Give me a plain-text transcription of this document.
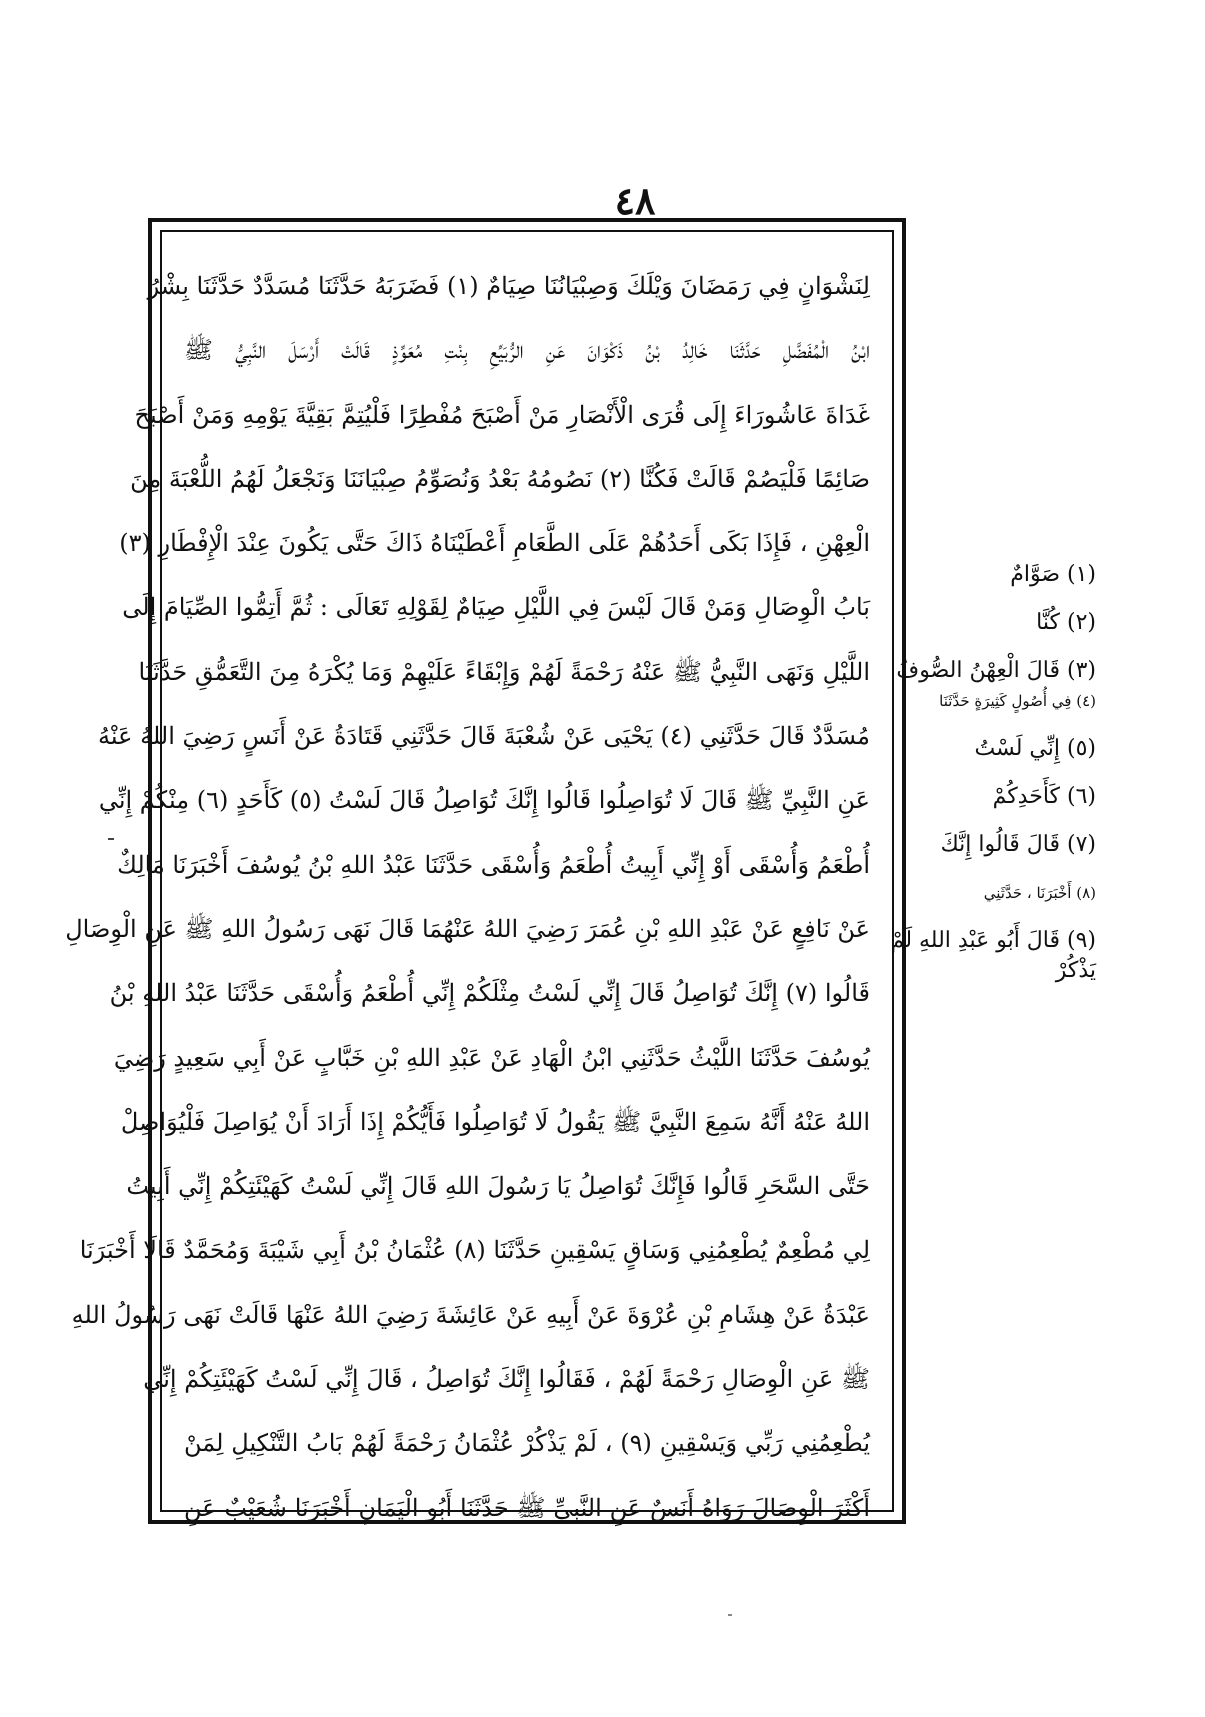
٤٨
لِنَشْوَانٍ فِي رَمَضَانَ وَيْلَكَ وَصِبْيَانُنَا صِيَامٌ (١) فَضَرَبَهُ حَدَّثَنَا مُسَدَّدٌ حَدَّثَنَا بِشْرُ
ابْنُ الْمُفَضَّلِ حَدَّثَنَا خَالِدُ بْنُ ذَكْوَانَ عَنِ الرُّبَيِّعِ بِنْتِ مُعَوِّذٍ قَالَتْ أَرْسَلَ النَّبِيُّ ﷺ
غَدَاةَ عَاشُورَاءَ إِلَى قُرَى الْأَنْصَارِ مَنْ أَصْبَحَ مُفْطِرًا فَلْيُتِمَّ بَقِيَّةَ يَوْمِهِ وَمَنْ أَصْبَحَ
صَائِمًا فَلْيَصُمْ قَالَتْ فَكُنَّا (٢) نَصُومُهُ بَعْدُ وَنُصَوِّمُ صِبْيَانَنَا وَنَجْعَلُ لَهُمُ اللُّعْبَةَ مِنَ
الْعِهْنِ ، فَإِذَا بَكَى أَحَدُهُمْ عَلَى الطَّعَامِ أَعْطَيْنَاهُ ذَاكَ حَتَّى يَكُونَ عِنْدَ الْإِفْطَارِ (٣)
بَابُ الْوِصَالِ وَمَنْ قَالَ لَيْسَ فِي اللَّيْلِ صِيَامٌ لِقَوْلِهِ تَعَالَى : ثُمَّ أَتِمُّوا الصِّيَامَ إِلَى
اللَّيْلِ وَنَهَى النَّبِيُّ ﷺ عَنْهُ رَحْمَةً لَهُمْ وَإِبْقَاءً عَلَيْهِمْ وَمَا يُكْرَهُ مِنَ التَّعَمُّقِ حَدَّثَنَا
مُسَدَّدٌ قَالَ حَدَّثَنِي (٤) يَحْيَى عَنْ شُعْبَةَ قَالَ حَدَّثَنِي قَتَادَةُ عَنْ أَنَسٍ رَضِيَ اللهُ عَنْهُ
عَنِ النَّبِيِّ ﷺ قَالَ لَا تُوَاصِلُوا قَالُوا إِنَّكَ تُوَاصِلُ قَالَ لَسْتُ (٥) كَأَحَدٍ (٦) مِنْكُمْ إِنِّي
أُطْعَمُ وَأُسْقَى أَوْ إِنِّي أَبِيتُ أُطْعَمُ وَأُسْقَى حَدَّثَنَا عَبْدُ اللهِ بْنُ يُوسُفَ أَخْبَرَنَا مَالِكٌ
عَنْ نَافِعٍ عَنْ عَبْدِ اللهِ بْنِ عُمَرَ رَضِيَ اللهُ عَنْهُمَا قَالَ نَهَى رَسُولُ اللهِ ﷺ عَنِ الْوِصَالِ
قَالُوا (٧) إِنَّكَ تُوَاصِلُ قَالَ إِنِّي لَسْتُ مِثْلَكُمْ إِنِّي أُطْعَمُ وَأُسْقَى حَدَّثَنَا عَبْدُ اللهِ بْنُ
يُوسُفَ حَدَّثَنَا اللَّيْثُ حَدَّثَنِي ابْنُ الْهَادِ عَنْ عَبْدِ اللهِ بْنِ خَبَّابٍ عَنْ أَبِي سَعِيدٍ رَضِيَ
اللهُ عَنْهُ أَنَّهُ سَمِعَ النَّبِيَّ ﷺ يَقُولُ لَا تُوَاصِلُوا فَأَيُّكُمْ إِذَا أَرَادَ أَنْ يُوَاصِلَ فَلْيُوَاصِلْ
حَتَّى السَّحَرِ قَالُوا فَإِنَّكَ تُوَاصِلُ يَا رَسُولَ اللهِ قَالَ إِنِّي لَسْتُ كَهَيْئَتِكُمْ إِنِّي أَبِيتُ
لِي مُطْعِمٌ يُطْعِمُنِي وَسَاقٍ يَسْقِينِ حَدَّثَنَا (٨) عُثْمَانُ بْنُ أَبِي شَيْبَةَ وَمُحَمَّدٌ قَالَا أَخْبَرَنَا
عَبْدَةُ عَنْ هِشَامِ بْنِ عُرْوَةَ عَنْ أَبِيهِ عَنْ عَائِشَةَ رَضِيَ اللهُ عَنْهَا قَالَتْ نَهَى رَسُولُ اللهِ
ﷺ عَنِ الْوِصَالِ رَحْمَةً لَهُمْ ، فَقَالُوا إِنَّكَ تُوَاصِلُ ، قَالَ إِنِّي لَسْتُ كَهَيْئَتِكُمْ إِنِّي
يُطْعِمُنِي رَبِّي وَيَسْقِينِ (٩) ، لَمْ يَذْكُرْ عُثْمَانُ رَحْمَةً لَهُمْ بَابُ التَّنْكِيلِ لِمَنْ
أَكْثَرَ الْوِصَالَ رَوَاهُ أَنَسٌ عَنِ النَّبِيِّ ﷺ حَدَّثَنَا أَبُو الْيَمَانِ أَخْبَرَنَا شُعَيْبٌ عَنِ
(١) صَوَّامٌ
(٢) كُنَّا
(٣) قَالَ الْعِهْنُ الصُّوفُ
(٤) فِي أُصُولٍ كَثِيرَةٍ حَدَّثَنَا
(٥) إِنِّي لَسْتُ
(٦) كَأَحَدِكُمْ
(٧) قَالَ قَالُوا إِنَّكَ
(٨) أَخْبَرَنَا ، حَدَّثَنِي
(٩) قَالَ أَبُو عَبْدِ اللهِ لَمْ
يَذْكُرْ
